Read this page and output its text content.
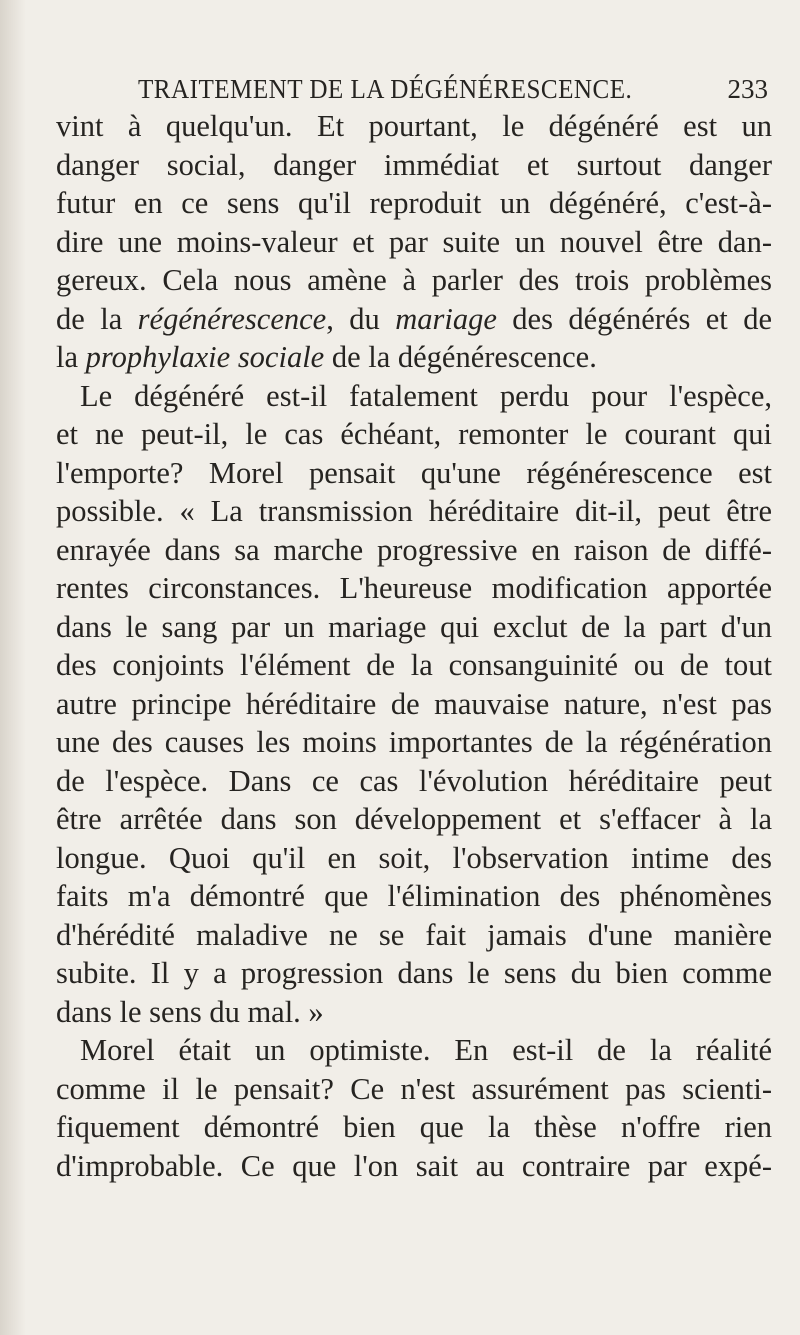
TRAITEMENT DE LA DÉGÉNÉRESCENCE.	233
vint à quelqu'un. Et pourtant, le dégénéré est un
danger social, danger immédiat et surtout danger
futur en ce sens qu'il reproduit un dégénéré, c'est-à-
dire une moins-valeur et par suite un nouvel être dan-
gereux. Cela nous amène à parler des trois problèmes
de la régénérescence, du mariage des dégénérés et de
la prophylaxie sociale de la dégénérescence.
Le dégénéré est-il fatalement perdu pour l'espèce,
et ne peut-il, le cas échéant, remonter le courant qui
l'emporte? Morel pensait qu'une régénérescence est
possible. « La transmission héréditaire dit-il, peut être
enrayée dans sa marche progressive en raison de diffé-
rentes circonstances. L'heureuse modification apportée
dans le sang par un mariage qui exclut de la part d'un
des conjoints l'élément de la consanguinité ou de tout
autre principe héréditaire de mauvaise nature, n'est pas
une des causes les moins importantes de la régénération
de l'espèce. Dans ce cas l'évolution héréditaire peut
être arrêtée dans son développement et s'effacer à la
longue. Quoi qu'il en soit, l'observation intime des
faits m'a démontré que l'élimination des phénomènes
d'hérédité maladive ne se fait jamais d'une manière
subite. Il y a progression dans le sens du bien comme
dans le sens du mal. »
Morel était un optimiste. En est-il de la réalité
comme il le pensait? Ce n'est assurément pas scienti-
fiquement démontré bien que la thèse n'offre rien
d'improbable. Ce que l'on sait au contraire par expé-
